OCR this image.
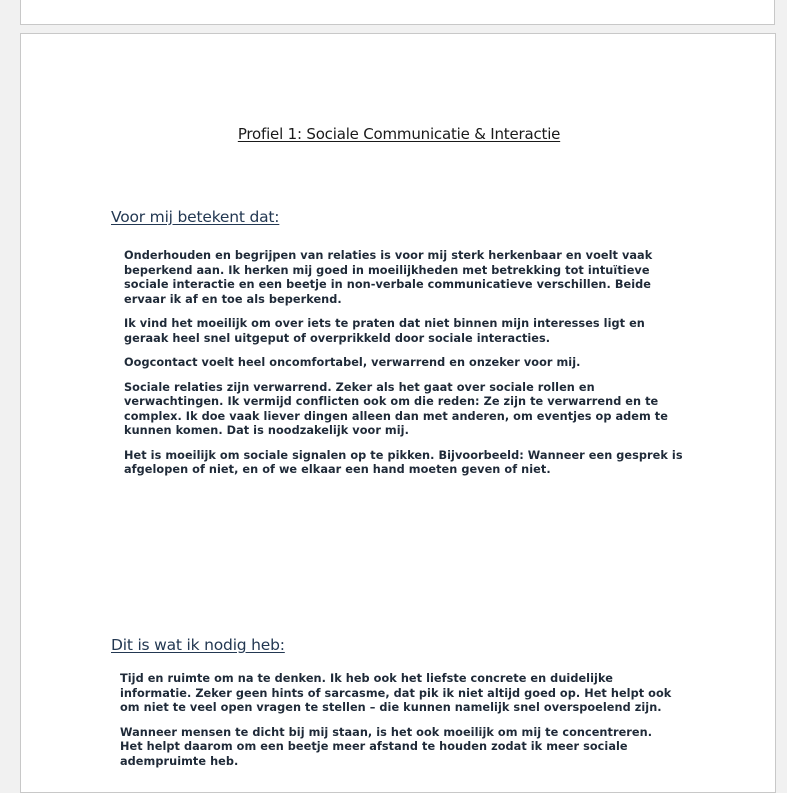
Profiel 1: Sociale Communicatie & Interactie
Voor mij betekent dat:

Onderhouden en begrijpen van relaties is voor mij sterk herkenbaar en voelt vaak beperkend aan. Ik herken mij goed in moeilijkheden met betrekking tot intuïtieve sociale interactie en een beetje in non-verbale communicatieve verschillen. Beide ervaar ik af en toe als beperkend.

Ik vind het moeilijk om over iets te praten dat niet binnen mijn interesses ligt en geraak heel snel uitgeput of overprikkeld door sociale interacties.

Oogcontact voelt heel oncomfortabel, verwarrend en onzeker voor mij.

Sociale relaties zijn verwarrend. Zeker als het gaat over sociale rollen en verwachtingen. Ik vermijd conflicten ook om die reden: Ze zijn te verwarrend en te complex. Ik doe vaak liever dingen alleen dan met anderen, om eventjes op adem te kunnen komen. Dat is noodzakelijk voor mij.

Het is moeilijk om sociale signalen op te pikken. Bijvoorbeeld: Wanneer een gesprek is afgelopen of niet, en of we elkaar een hand moeten geven of niet.

Dit is wat ik nodig heb:

Tijd en ruimte om na te denken. Ik heb ook het liefste concrete en duidelijke informatie. Zeker geen hints of sarcasme, dat pik ik niet altijd goed op. Het helpt ook om niet te veel open vragen te stellen – die kunnen namelijk snel overspoelend zijn.

Wanneer mensen te dicht bij mij staan, is het ook moeilijk om mij te concentreren. Het helpt daarom om een beetje meer afstand te houden zodat ik meer sociale adempruimte heb.
